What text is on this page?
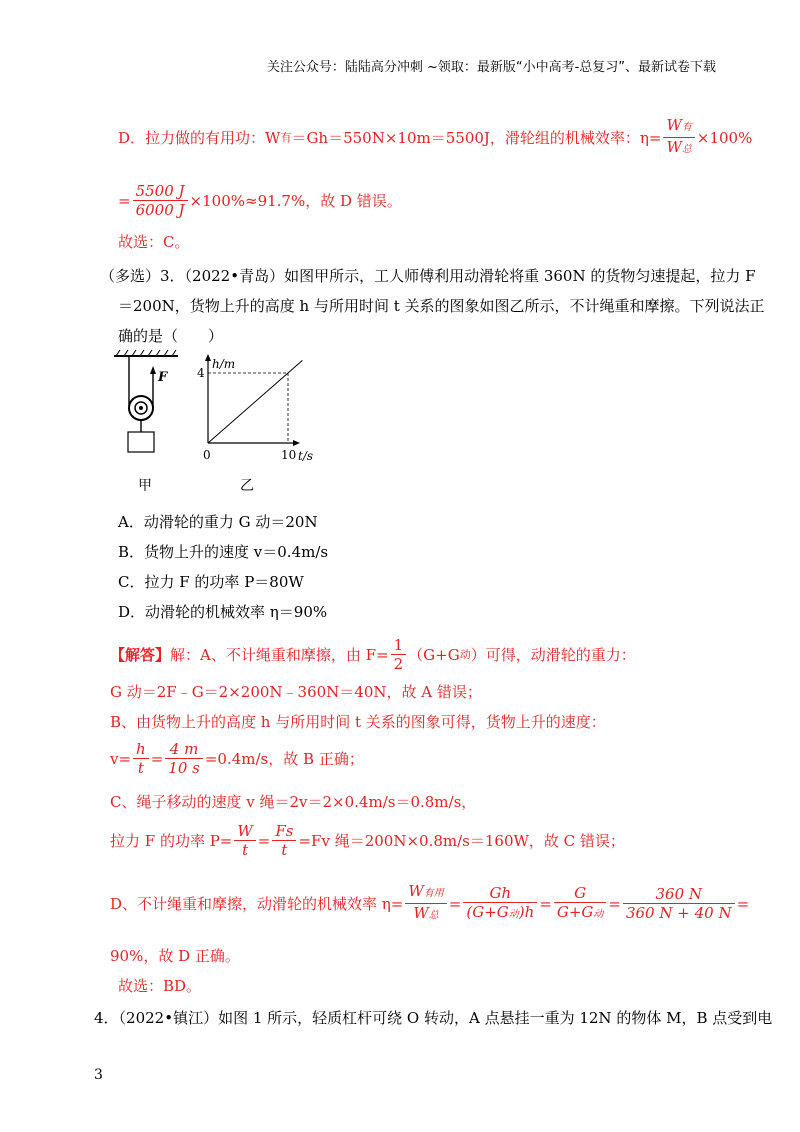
关注公众号：陆陆高分冲刺 ~领取：最新版“小中高考-总复习”、最新试卷下载
D．拉力做的有用功：W 有 ＝Gh＝550N×10m＝5500J，滑轮组的机械效率：$\eta= \frac{\text{W有}}{\text{W总}} \times 100\%$
= $\frac{5500 J}{6000 J} \times 100\%\approx 91.7\%$，故 D 错误。
故选：C。
（多选）3．（2022•青岛）如图甲所示，工人师傅利用动滑轮将重 360N 的货物匀速提起，拉力 F
＝200N，货物上升的高度 h 与所用时间 t 关系的图象如图乙所示，不计绳重和摩擦。下列说法正
确的是（　　）
F
甲
h/m
t/s
0
4
10
乙
A．动滑轮的重力 G 动＝20N
B．货物上升的速度 v＝0.4m/s
C．拉力 F 的功率 P＝80W
D．动滑轮的机械效率 η＝90%
【解答】 解：A、不计绳重和摩擦，由 $F= \frac{1}{2} (G+G$ 动 ）可得，动滑轮的重力：
G 动＝2F﹣G＝2×200N﹣360N＝40N，故 A 错误；
B、由货物上升的高度 h 与所用时间 t 关系的图象可得，货物上升的速度：
$v= \frac{h}{t} = \frac{4 m}{10 s} =0.4m/s$，故 B 正确；
C、绳子移动的速度 v 绳＝2v＝2×0.4m/s＝0.8m/s，
拉力 F 的功率 $P= \frac{W}{t} = \frac{Fs}{t} =Fv$ 绳＝200N×0.8m/s＝160W，故 C 错误；
D、不计绳重和摩擦，动滑轮的机械效率 $\eta= \frac{\text{W有用}}{\text{W总}} = \frac{Gh}{\text{(G+G动)h}} = \frac{G}{\text{G+G动}} = \frac{360 N}{360 N + 40 N}$ =
90%，故 D 正确。
故选：BD。
4．（2022•镇江）如图 1 所示，轻质杠杆可绕 O 转动，A 点悬挂一重为 12N 的物体 M，B 点受到电
3
